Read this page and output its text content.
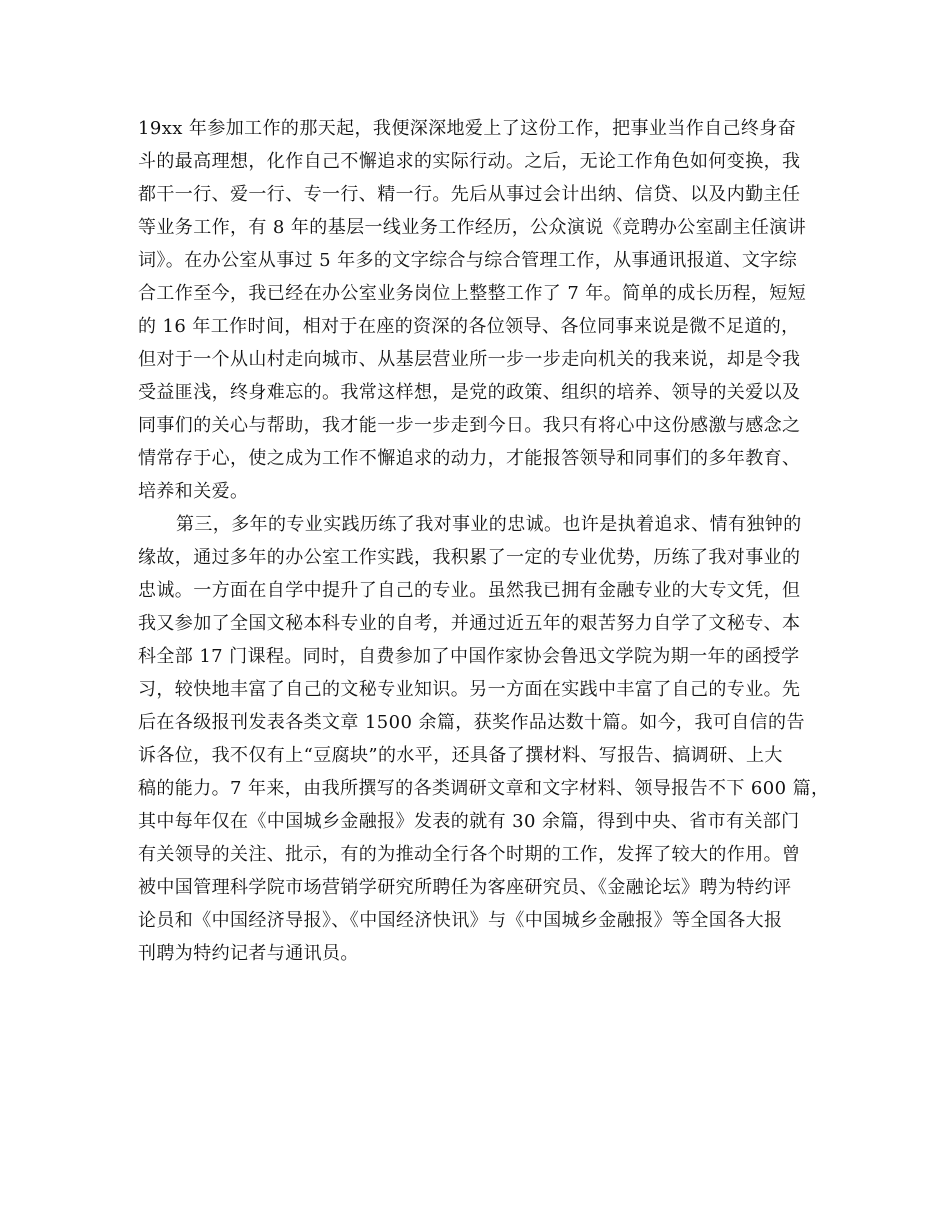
19xx 年参加工作的那天起，我便深深地爱上了这份工作，把事业当作自己终身奋
斗的最高理想，化作自己不懈追求的实际行动。之后，无论工作角色如何变换，我
都干一行、爱一行、专一行、精一行。先后从事过会计出纳、信贷、以及内勤主任
等业务工作，有 8 年的基层一线业务工作经历，公众演说《竞聘办公室副主任演讲
词》。在办公室从事过 5 年多的文字综合与综合管理工作，从事通讯报道、文字综
合工作至今，我已经在办公室业务岗位上整整工作了 7 年。简单的成长历程，短短
的 16 年工作时间，相对于在座的资深的各位领导、各位同事来说是微不足道的，
但对于一个从山村走向城市、从基层营业所一步一步走向机关的我来说，却是令我
受益匪浅，终身难忘的。我常这样想，是党的政策、组织的培养、领导的关爱以及
同事们的关心与帮助，我才能一步一步走到今日。我只有将心中这份感激与感念之
情常存于心，使之成为工作不懈追求的动力，才能报答领导和同事们的多年教育、
培养和关爱。
第三，多年的专业实践历练了我对事业的忠诚。也许是执着追求、情有独钟的
缘故，通过多年的办公室工作实践，我积累了一定的专业优势，历练了我对事业的
忠诚。一方面在自学中提升了自己的专业。虽然我已拥有金融专业的大专文凭，但
我又参加了全国文秘本科专业的自考，并通过近五年的艰苦努力自学了文秘专、本
科全部 17 门课程。同时，自费参加了中国作家协会鲁迅文学院为期一年的函授学
习，较快地丰富了自己的文秘专业知识。另一方面在实践中丰富了自己的专业。先
后在各级报刊发表各类文章 1500 余篇，获奖作品达数十篇。如今，我可自信的告
诉各位，我不仅有上“豆腐块”的水平，还具备了撰材料、写报告、搞调研、上大
稿的能力。7 年来，由我所撰写的各类调研文章和文字材料、领导报告不下 600 篇，
其中每年仅在《中国城乡金融报》发表的就有 30 余篇，得到中央、省市有关部门
有关领导的关注、批示，有的为推动全行各个时期的工作，发挥了较大的作用。曾
被中国管理科学院市场营销学研究所聘任为客座研究员、《金融论坛》聘为特约评
论员和《中国经济导报》、《中国经济快讯》与《中国城乡金融报》等全国各大报
刊聘为特约记者与通讯员。
